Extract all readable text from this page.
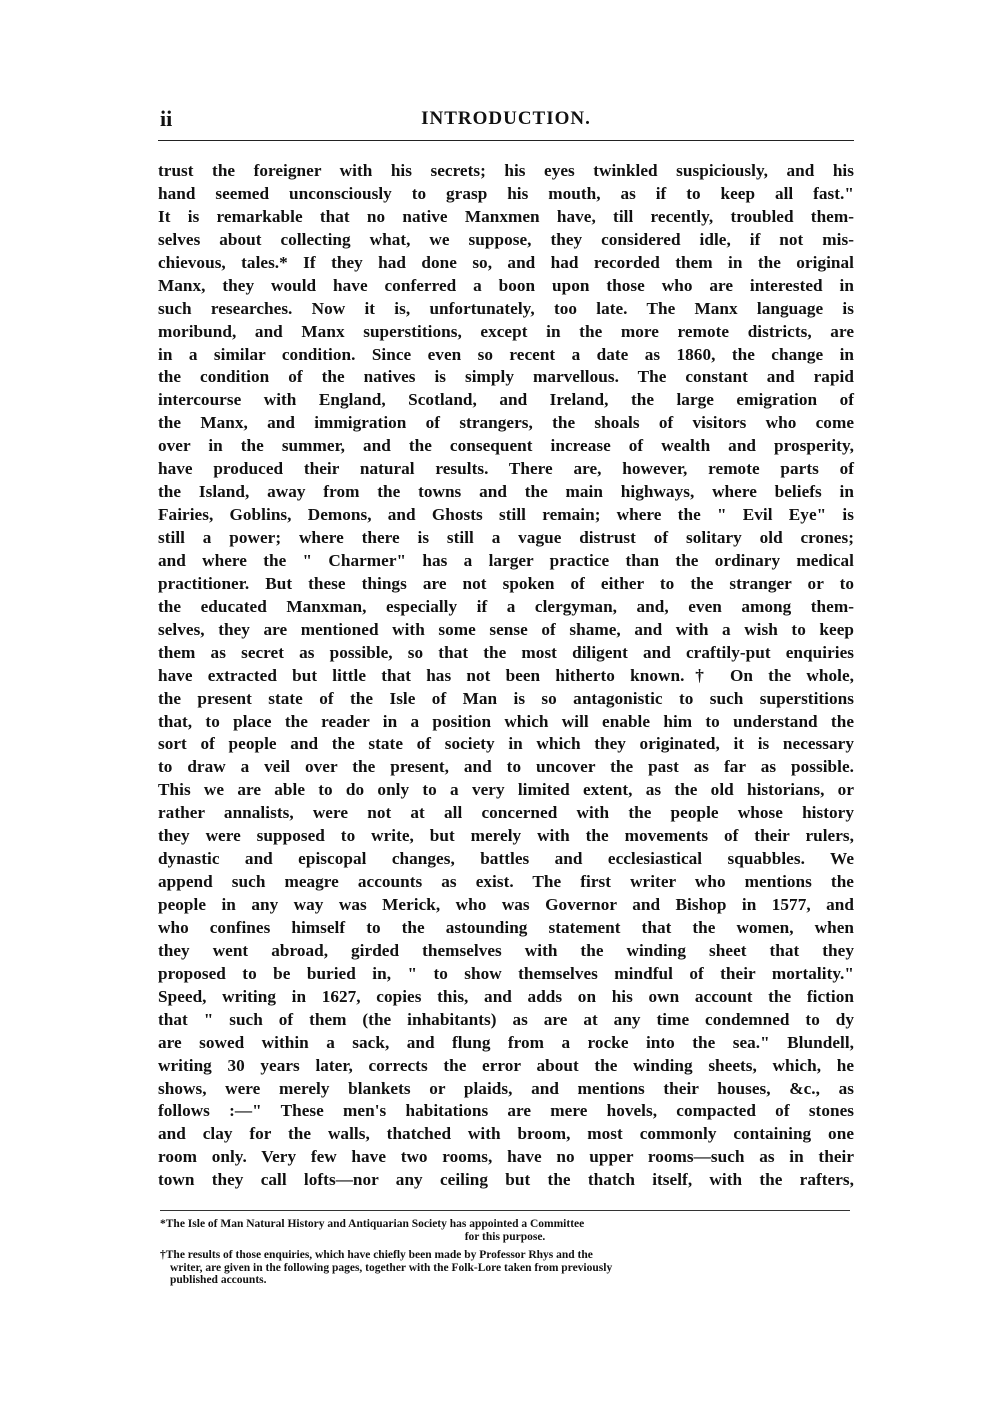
ii	INTRODUCTION.
trust the foreigner with his secrets; his eyes twinkled suspiciously, and his
hand seemed unconsciously to grasp his mouth, as if to keep all fast."
It is remarkable that no native Manxmen have, till recently, troubled them-
selves about collecting what, we suppose, they considered idle, if not mis-
chievous, tales.* If they had done so, and had recorded them in the original
Manx, they would have conferred a boon upon those who are interested in
such researches. Now it is, unfortunately, too late. The Manx language is
moribund, and Manx superstitions, except in the more remote districts, are
in a similar condition. Since even so recent a date as 1860, the change in
the condition of the natives is simply marvellous. The constant and rapid
intercourse with England, Scotland, and Ireland, the large emigration of
the Manx, and immigration of strangers, the shoals of visitors who come
over in the summer, and the consequent increase of wealth and prosperity,
have produced their natural results. There are, however, remote parts of
the Island, away from the towns and the main highways, where beliefs in
Fairies, Goblins, Demons, and Ghosts still remain; where the " Evil Eye" is
still a power; where there is still a vague distrust of solitary old crones;
and where the " Charmer" has a larger practice than the ordinary medical
practitioner. But these things are not spoken of either to the stranger or to
the educated Manxman, especially if a clergyman, and, even among them-
selves, they are mentioned with some sense of shame, and with a wish to keep
them as secret as possible, so that the most diligent and craftily-put enquiries
have extracted but little that has not been hitherto known.† On the whole,
the present state of the Isle of Man is so antagonistic to such superstitions
that, to place the reader in a position which will enable him to understand the
sort of people and the state of society in which they originated, it is necessary
to draw a veil over the present, and to uncover the past as far as possible.
This we are able to do only to a very limited extent, as the old historians, or
rather annalists, were not at all concerned with the people whose history
they were supposed to write, but merely with the movements of their rulers,
dynastic and episcopal changes, battles and ecclesiastical squabbles. We
append such meagre accounts as exist. The first writer who mentions the
people in any way was Merick, who was Governor and Bishop in 1577, and
who confines himself to the astounding statement that the women, when
they went abroad, girded themselves with the winding sheet that they
proposed to be buried in, " to show themselves mindful of their mortality."
Speed, writing in 1627, copies this, and adds on his own account the fiction
that " such of them (the inhabitants) as are at any time condemned to dy
are sowed within a sack, and flung from a rocke into the sea." Blundell,
writing 30 years later, corrects the error about the winding sheets, which, he
shows, were merely blankets or plaids, and mentions their houses, &c., as
follows :—" These men's habitations are mere hovels, compacted of stones
and clay for the walls, thatched with broom, most commonly containing one
room only. Very few have two rooms, have no upper rooms—such as in their
town they call lofts—nor any ceiling but the thatch itself, with the rafters,
*The Isle of Man Natural History and Antiquarian Society has appointed a Committee
for this purpose.
†The results of those enquiries, which have chiefly been made by Professor Rhys and the
writer, are given in the following pages, together with the Folk-Lore taken from previously
published accounts.
